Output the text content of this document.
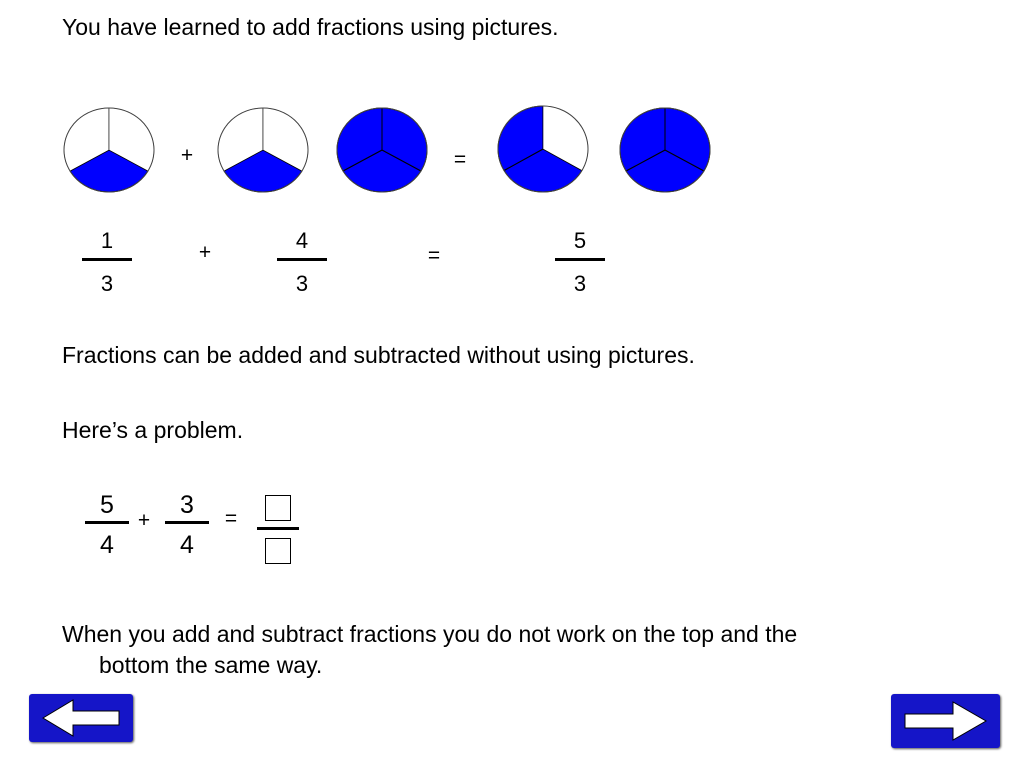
You have learned to add fractions using pictures.
+	=
1
3
+	4
3
=
5
3
Fractions can be added and subtracted without using pictures.
Here’s a problem.
5
4
+
3
4
=
When you add and subtract fractions you do not work on the top and the
bottom the same way.
